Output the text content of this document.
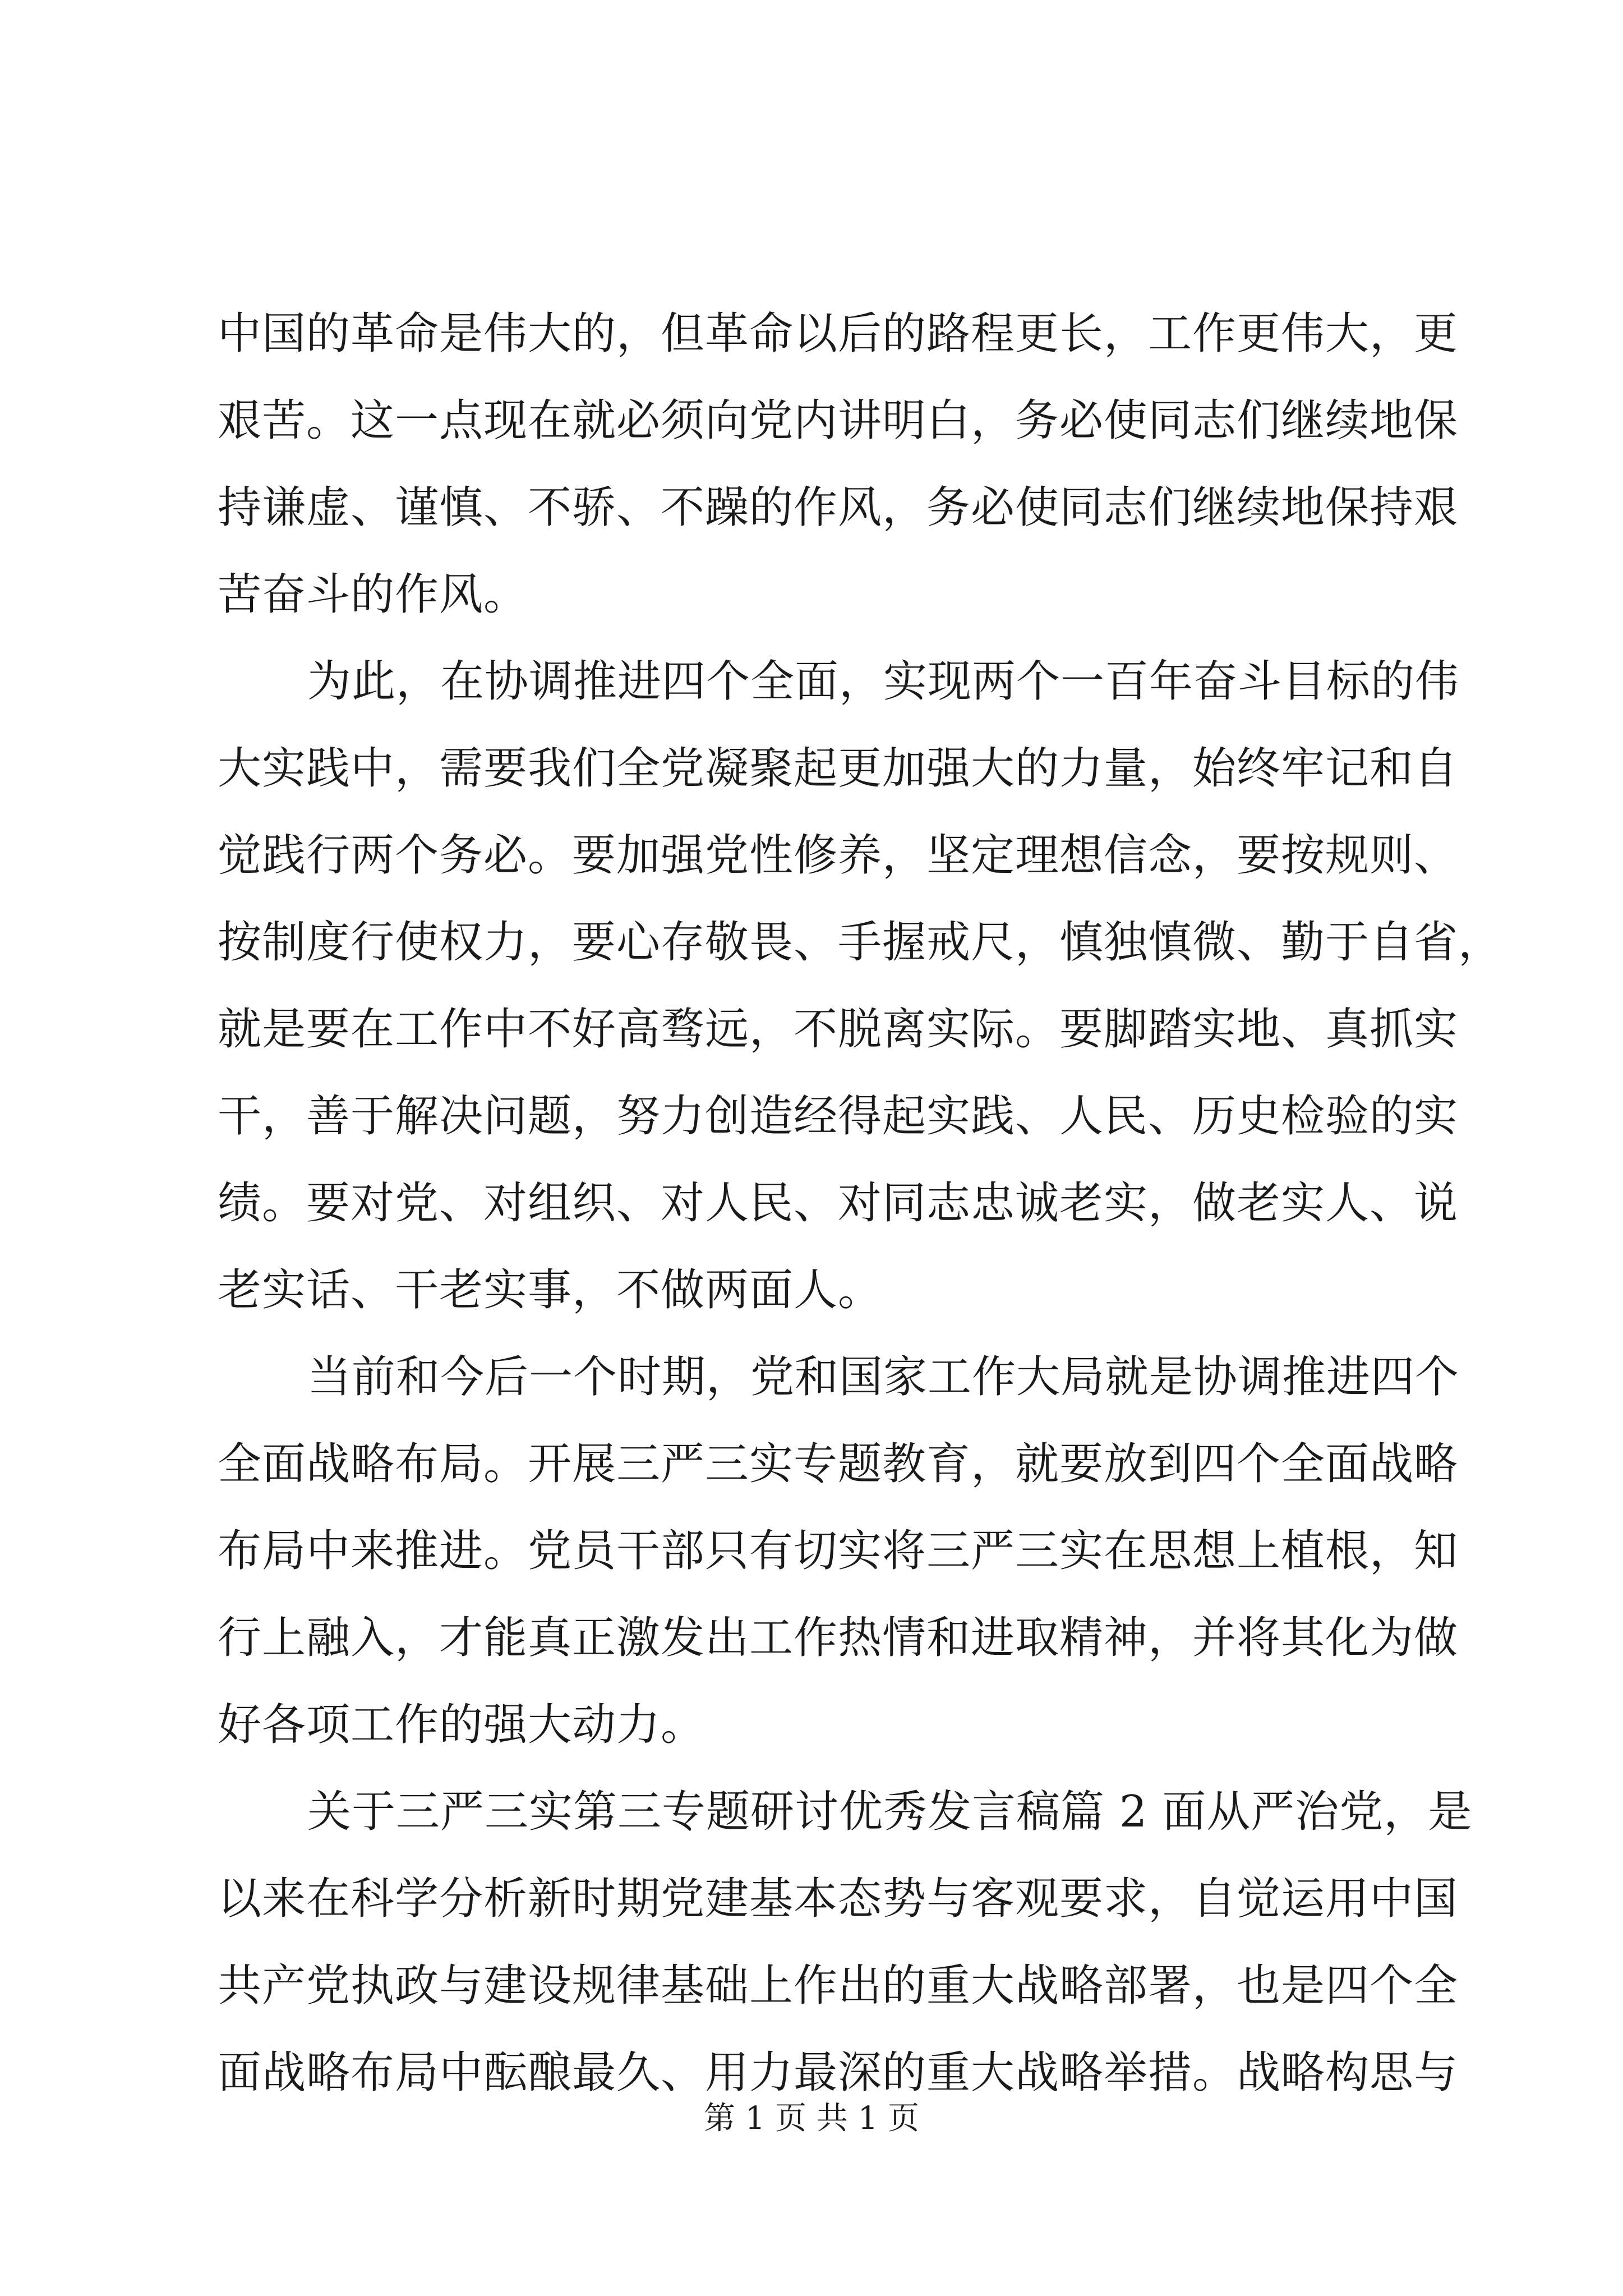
中国的革命是伟大的，但革命以后的路程更长，工作更伟大，更
艰苦。这一点现在就必须向党内讲明白，务必使同志们继续地保
持谦虚、谨慎、不骄、不躁的作风，务必使同志们继续地保持艰
苦奋斗的作风。
为此，在协调推进四个全面，实现两个一百年奋斗目标的伟
大实践中，需要我们全党凝聚起更加强大的力量，始终牢记和自
觉践行两个务必。要加强党性修养，坚定理想信念，要按规则、
按制度行使权力，要心存敬畏、手握戒尺，慎独慎微、勤于自省，
就是要在工作中不好高骛远，不脱离实际。要脚踏实地、真抓实
干，善于解决问题，努力创造经得起实践、人民、历史检验的实
绩。要对党、对组织、对人民、对同志忠诚老实，做老实人、说
老实话、干老实事，不做两面人。
当前和今后一个时期，党和国家工作大局就是协调推进四个
全面战略布局。开展三严三实专题教育，就要放到四个全面战略
布局中来推进。党员干部只有切实将三严三实在思想上植根，知
行上融入，才能真正激发出工作热情和进取精神，并将其化为做
好各项工作的强大动力。
关于三严三实第三专题研讨优秀发言稿篇 2 面从严治党，是
以来在科学分析新时期党建基本态势与客观要求，自觉运用中国
共产党执政与建设规律基础上作出的重大战略部署，也是四个全
面战略布局中酝酿最久、用力最深的重大战略举措。战略构思与
第 1 页 共 1 页
